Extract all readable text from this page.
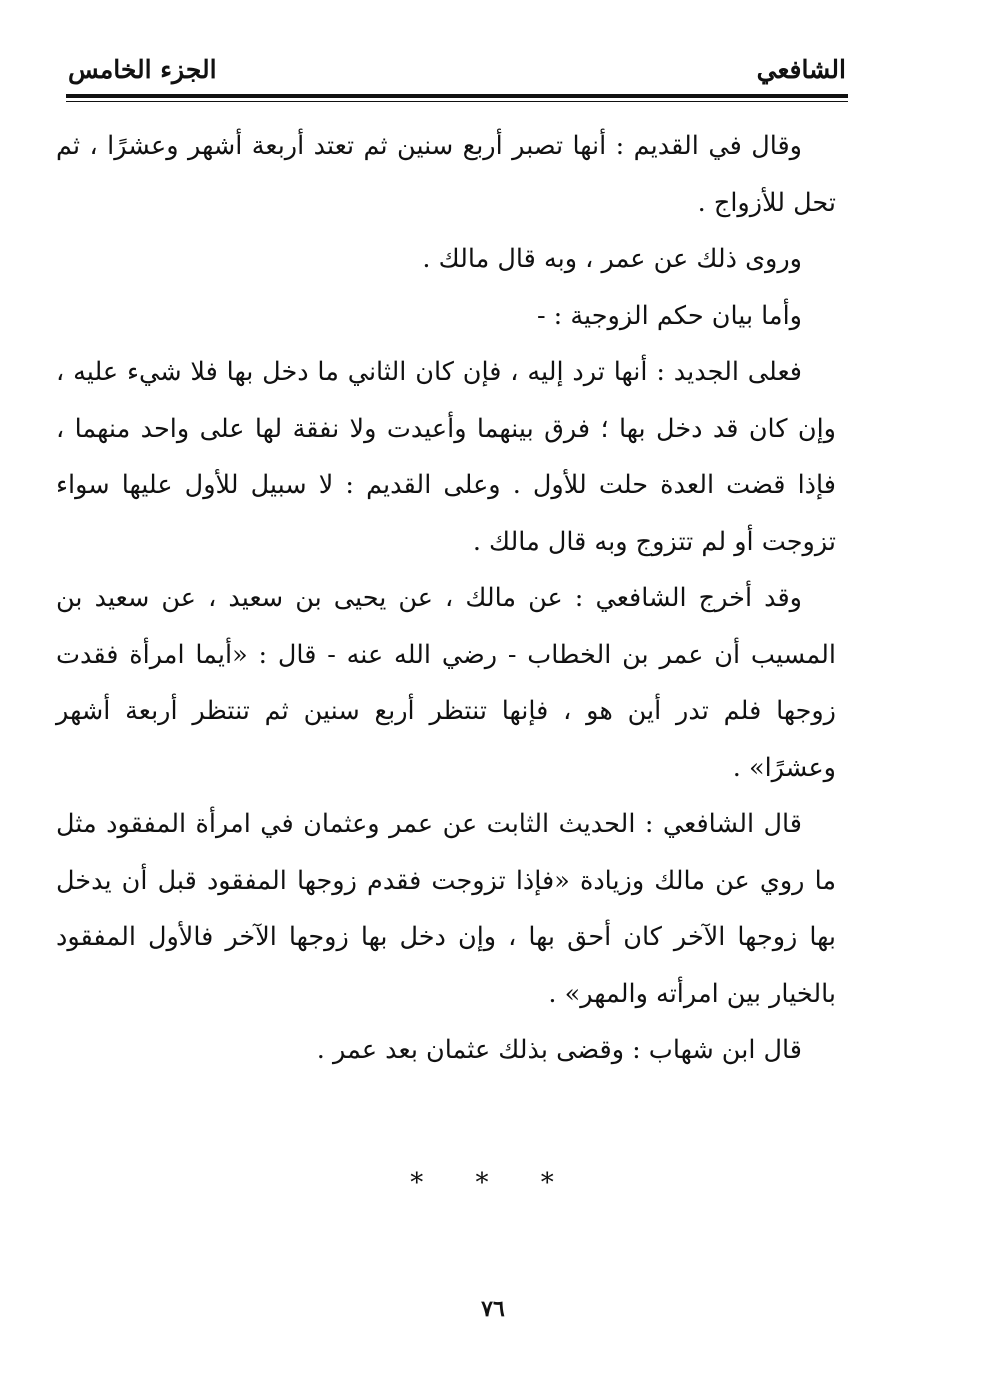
الشافعي
الجزء الخامس

وقال في القديم : أنها تصبر أربع سنين ثم تعتد أربعة أشهر وعشرًا ، ثم تحل للأزواج .

وروى ذلك عن عمر ، وبه قال مالك .

وأما بيان حكم الزوجية : -

فعلى الجديد : أنها ترد إليه ، فإن كان الثاني ما دخل بها فلا شيء عليه ، وإن كان قد دخل بها ؛ فرق بينهما وأعيدت ولا نفقة لها على واحد منهما ، فإذا قضت العدة حلت للأول . وعلى القديم : لا سبيل للأول عليها سواء تزوجت أو لم تتزوج وبه قال مالك .

وقد أخرج الشافعي : عن مالك ، عن يحيى بن سعيد ، عن سعيد بن المسيب أن عمر بن الخطاب - رضي الله عنه - قال : «أيما امرأة فقدت زوجها فلم تدر أين هو ، فإنها تنتظر أربع سنين ثم تنتظر أربعة أشهر وعشرًا» .

قال الشافعي : الحديث الثابت عن عمر وعثمان في امرأة المفقود مثل ما روي عن مالك وزيادة «فإذا تزوجت فقدم زوجها المفقود قبل أن يدخل بها زوجها الآخر كان أحق بها ، وإن دخل بها زوجها الآخر فالأول المفقود بالخيار بين امرأته والمهر» .

قال ابن شهاب : وقضى بذلك عثمان بعد عمر .

* * *
٧٦
